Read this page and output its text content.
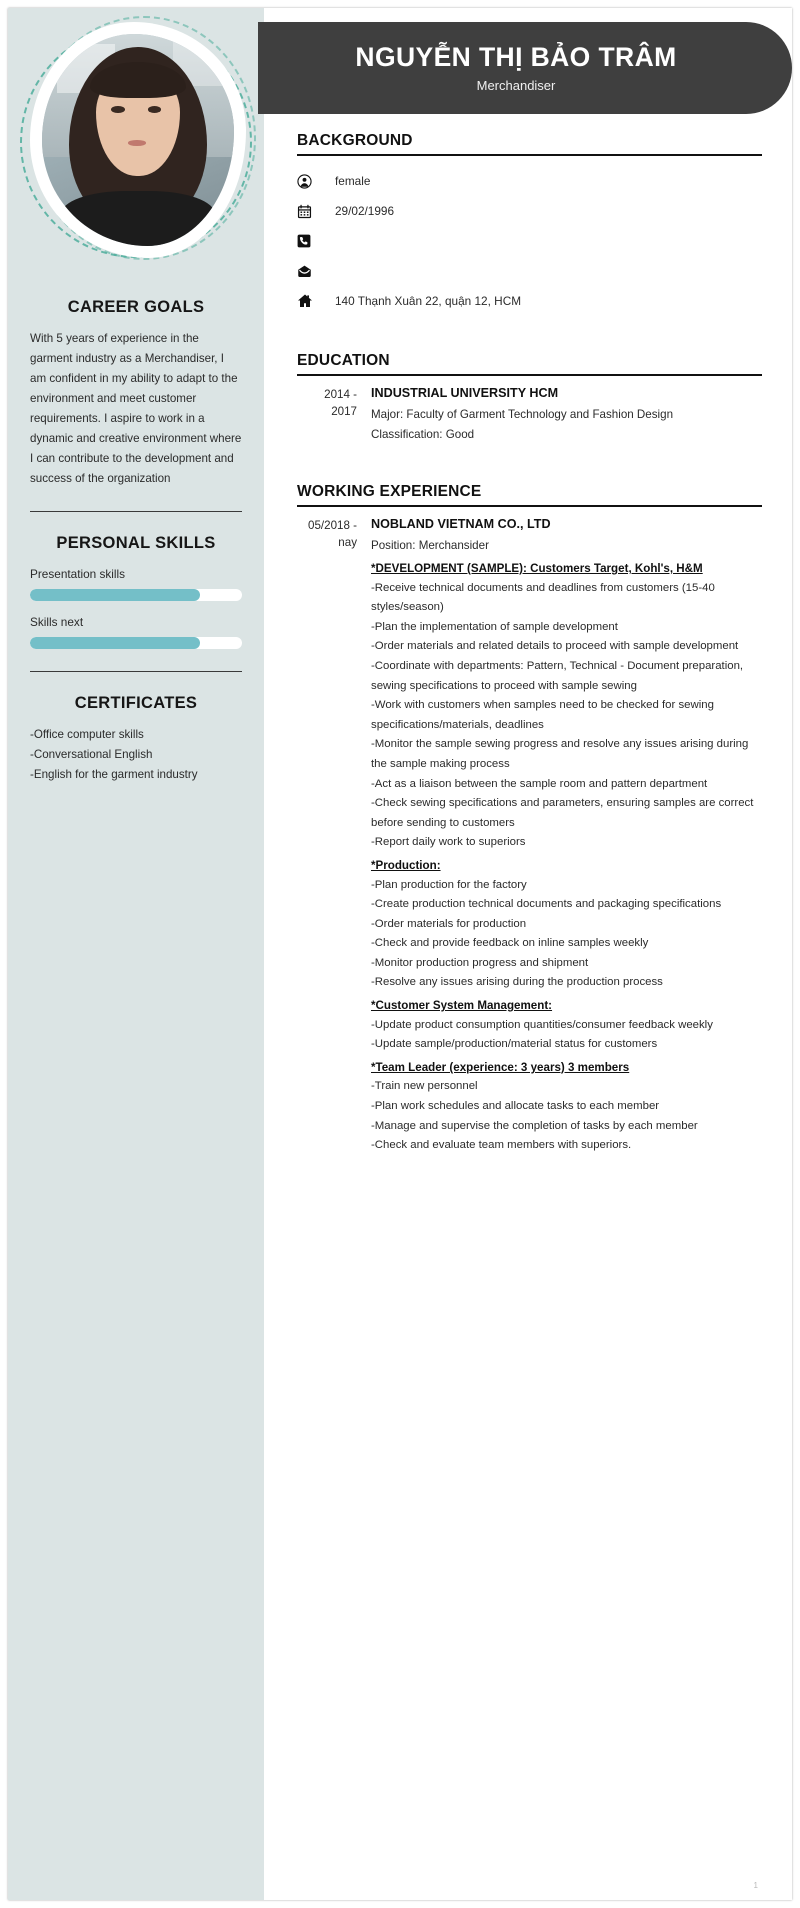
CAREER GOALS

With 5 years of experience in the garment industry as a Merchandiser, I am confident in my ability to adapt to the environment and meet customer requirements. I aspire to work in a dynamic and creative environment where I can contribute to the development and success of the organization

PERSONAL SKILLS
Presentation skills
Skills next
CERTIFICATES
-Office computer skills
-Conversational English
-English for the garment industry
NGUYỄN THỊ BẢO TRÂM
Merchandiser
BACKGROUND
female
29/02/1996
140 Thạnh Xuân 22, quận 12, HCM
EDUCATION
2014 - 2017
INDUSTRIAL UNIVERSITY HCM
Major: Faculty of Garment Technology and Fashion Design
Classification: Good
WORKING EXPERIENCE
05/2018 - nay
NOBLAND VIETNAM CO., LTD
Position: Merchansider
*DEVELOPMENT (SAMPLE): Customers Target, Kohl's, H&M
-Receive technical documents and deadlines from customers (15-40 styles/season)
-Plan the implementation of sample development
-Order materials and related details to proceed with sample development
-Coordinate with departments: Pattern, Technical - Document preparation, sewing specifications to proceed with sample sewing
-Work with customers when samples need to be checked for sewing specifications/materials, deadlines
-Monitor the sample sewing progress and resolve any issues arising during the sample making process
-Act as a liaison between the sample room and pattern department
-Check sewing specifications and parameters, ensuring samples are correct before sending to customers
-Report daily work to superiors
*Production:
-Plan production for the factory
-Create production technical documents and packaging specifications
-Order materials for production
-Check and provide feedback on inline samples weekly
-Monitor production progress and shipment
-Resolve any issues arising during the production process
*Customer System Management:
-Update product consumption quantities/consumer feedback weekly
-Update sample/production/material status for customers
*Team Leader (experience: 3 years) 3 members
-Train new personnel
-Plan work schedules and allocate tasks to each member
-Manage and supervise the completion of tasks by each member
-Check and evaluate team members with superiors.
1
